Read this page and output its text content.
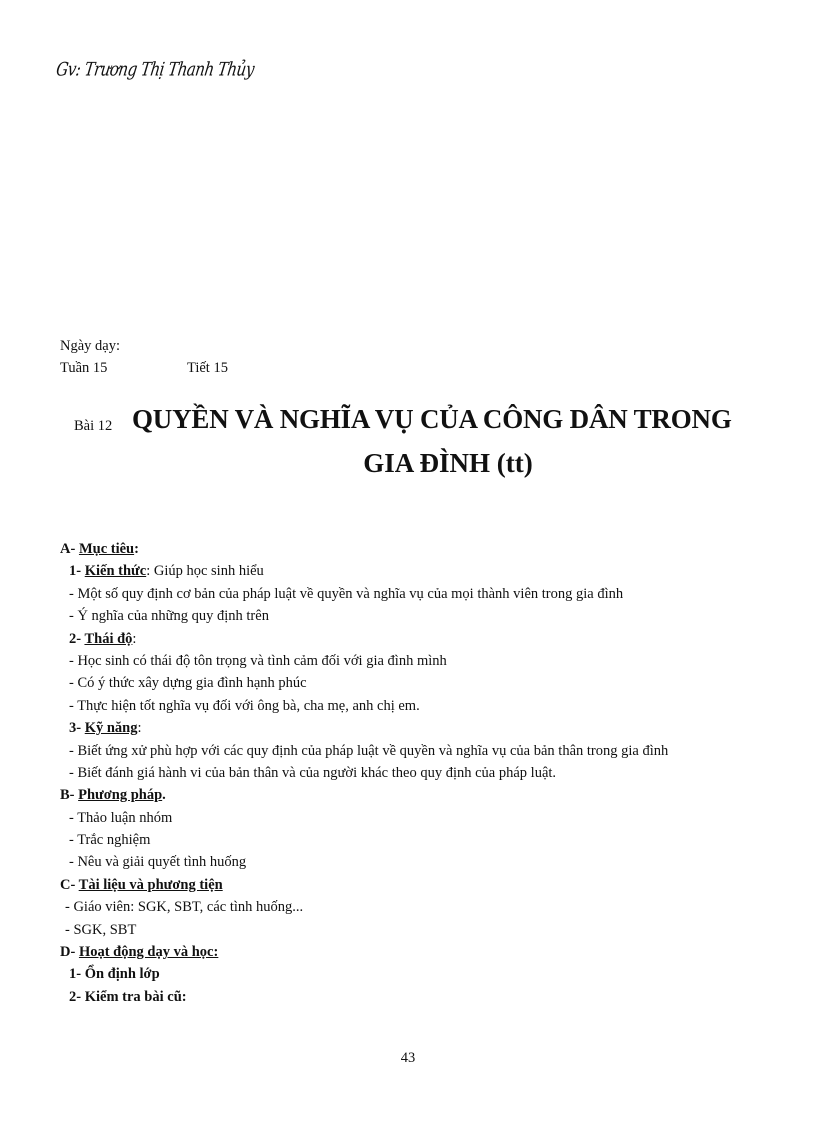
Gv: Trương Thị Thanh Thủy
Ngày dạy:
Tuần 15	Tiết 15
Bài 12 QUYỀN VÀ NGHĨA VỤ CỦA CÔNG DÂN TRONG
GIA ĐÌNH (tt)
A- Mục tiêu:
1- Kiến thức: Giúp học sinh hiểu
- Một số quy định cơ bản của pháp luật về quyền và nghĩa vụ của mọi thành viên trong gia đình
- Ý nghĩa của những quy định trên
2- Thái độ:
- Học sinh có thái độ tôn trọng và tình cảm đối với gia đình mình
- Có ý thức xây dựng gia đình hạnh phúc
- Thực hiện tốt nghĩa vụ đối với ông bà, cha mẹ, anh chị em.
3- Kỹ năng:
- Biết ứng xử phù hợp với các quy định của pháp luật về quyền và nghĩa vụ của bản thân trong gia đình
- Biết đánh giá hành vi của bản thân và của người khác theo quy định của pháp luật.
B- Phương pháp.
- Thảo luận nhóm
- Trắc nghiệm
- Nêu và giải quyết tình huống
C- Tài liệu và phương tiện
- Giáo viên: SGK, SBT, các tình huống...
- SGK, SBT
D- Hoạt động dạy và học:
1- Ổn định lớp
2- Kiểm tra bài cũ:
43
